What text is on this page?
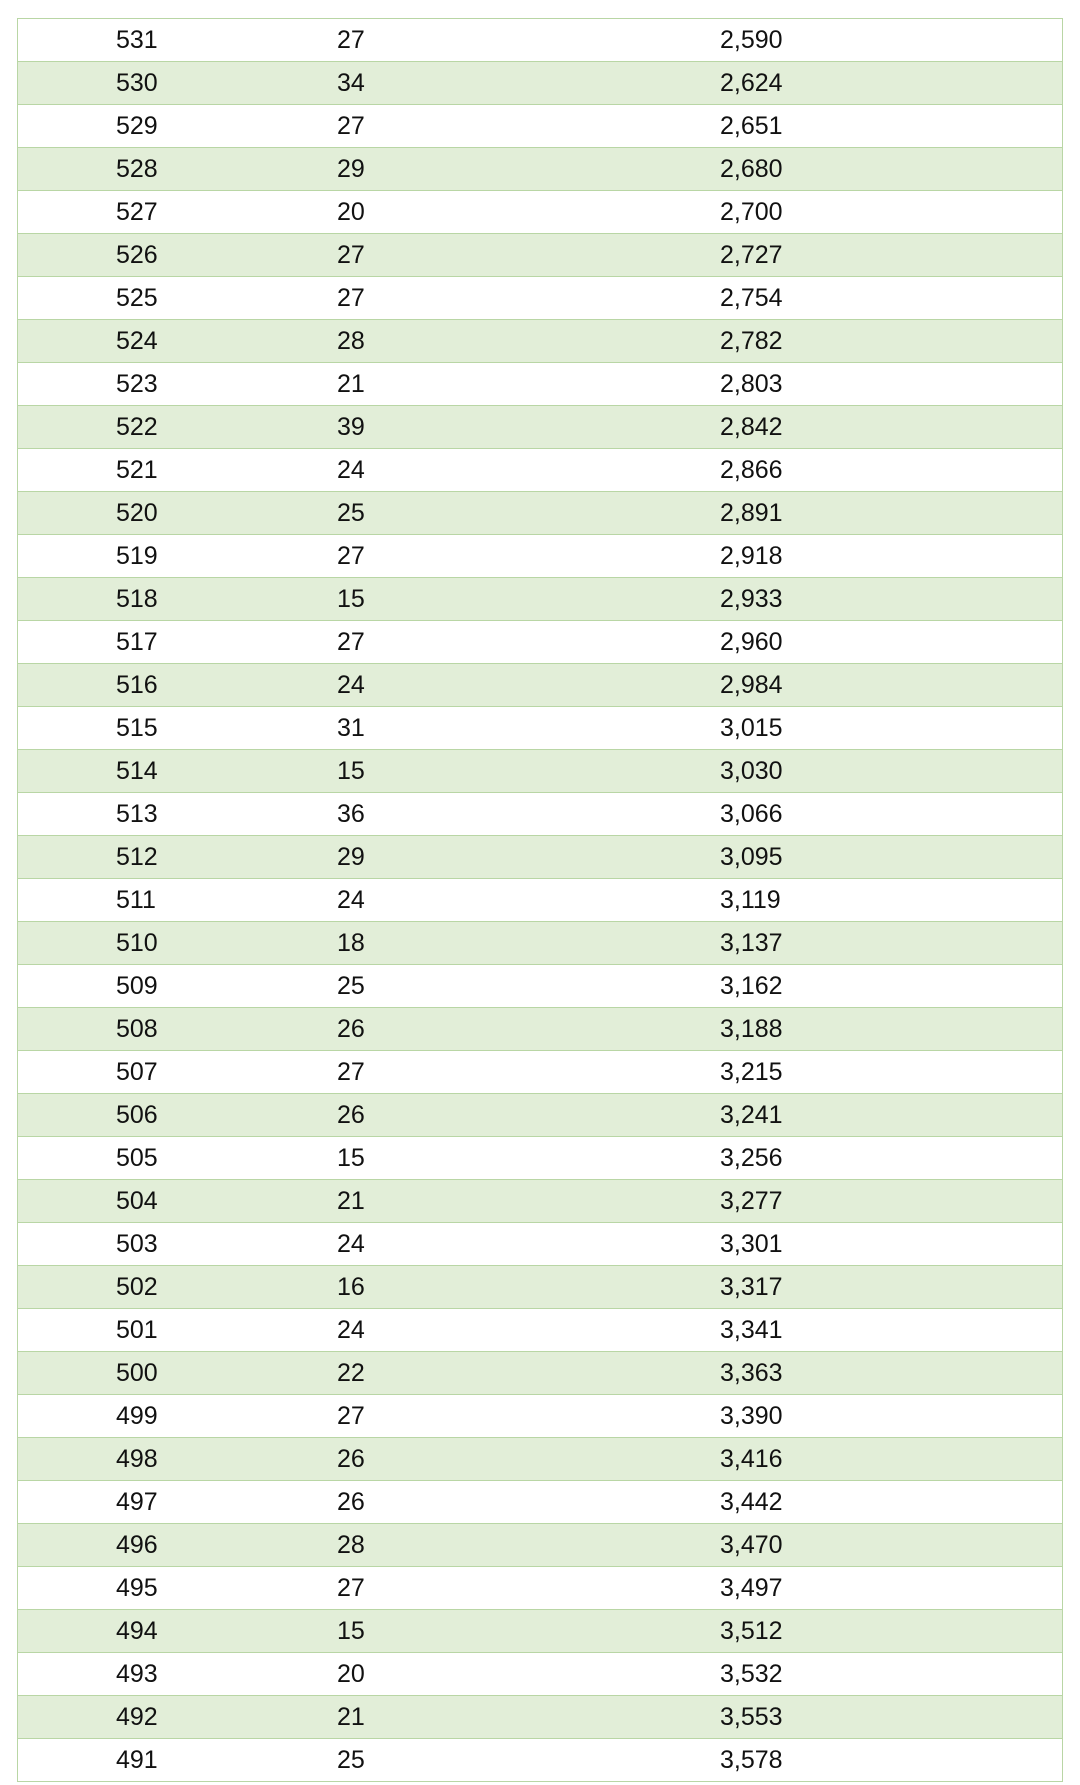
531	27	2,590
530	34	2,624
529	27	2,651
528	29	2,680
527	20	2,700
526	27	2,727
525	27	2,754
524	28	2,782
523	21	2,803
522	39	2,842
521	24	2,866
520	25	2,891
519	27	2,918
518	15	2,933
517	27	2,960
516	24	2,984
515	31	3,015
514	15	3,030
513	36	3,066
512	29	3,095
511	24	3,119
510	18	3,137
509	25	3,162
508	26	3,188
507	27	3,215
506	26	3,241
505	15	3,256
504	21	3,277
503	24	3,301
502	16	3,317
501	24	3,341
500	22	3,363
499	27	3,390
498	26	3,416
497	26	3,442
496	28	3,470
495	27	3,497
494	15	3,512
493	20	3,532
492	21	3,553
491	25	3,578
